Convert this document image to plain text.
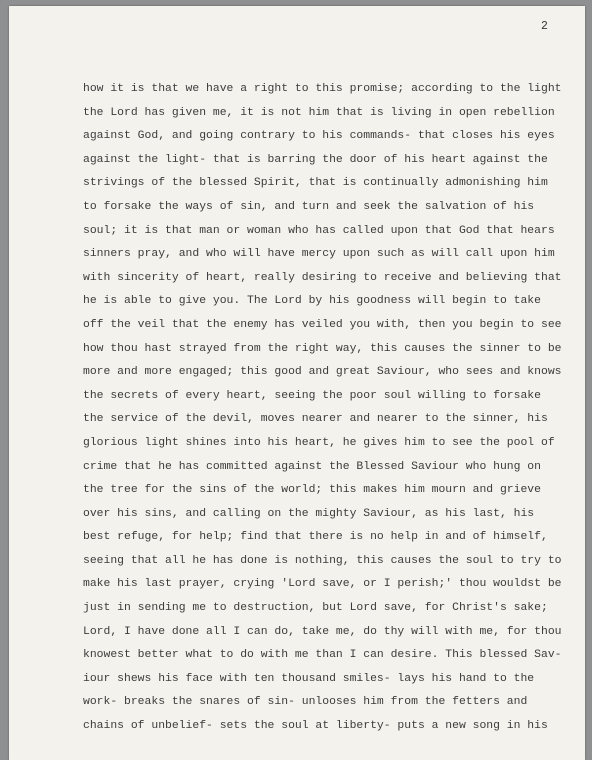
2
how it is that we have a right to this promise; according to the light
the Lord has given me, it is not him that is living in open rebellion
against God, and going contrary to his commands- that closes his eyes
against the light- that is barring the door of his heart against the
strivings of the blessed Spirit, that is continually admonishing him
to forsake the ways of sin, and turn and seek the salvation of his
soul; it is that man or woman who has called upon that God that hears
sinners pray, and who will have mercy upon such as will call upon him
with sincerity of heart, really desiring to receive and believing that
he is able to give you. The Lord by his goodness will begin to take
off the veil that the enemy has veiled you with, then you begin to see
how thou hast strayed from the right way, this causes the sinner to be
more and more engaged; this good and great Saviour, who sees and knows
the secrets of every heart, seeing the poor soul willing to forsake
the service of the devil, moves nearer and nearer to the sinner, his
glorious light shines into his heart, he gives him to see the pool of
crime that he has committed against the Blessed Saviour who hung on
the tree for the sins of the world; this makes him mourn and grieve
over his sins, and calling on the mighty Saviour, as his last, his
best refuge, for help; find that there is no help in and of himself,
seeing that all he has done is nothing, this causes the soul to try to
make his last prayer, crying 'Lord save, or I perish;' thou wouldst be
just in sending me to destruction, but Lord save, for Christ's sake;
Lord, I have done all I can do, take me, do thy will with me, for thou
knowest better what to do with me than I can desire. This blessed Sav-
iour shews his face with ten thousand smiles- lays his hand to the
work- breaks the snares of sin- unlooses him from the fetters and
chains of unbelief- sets the soul at liberty- puts a new song in his
